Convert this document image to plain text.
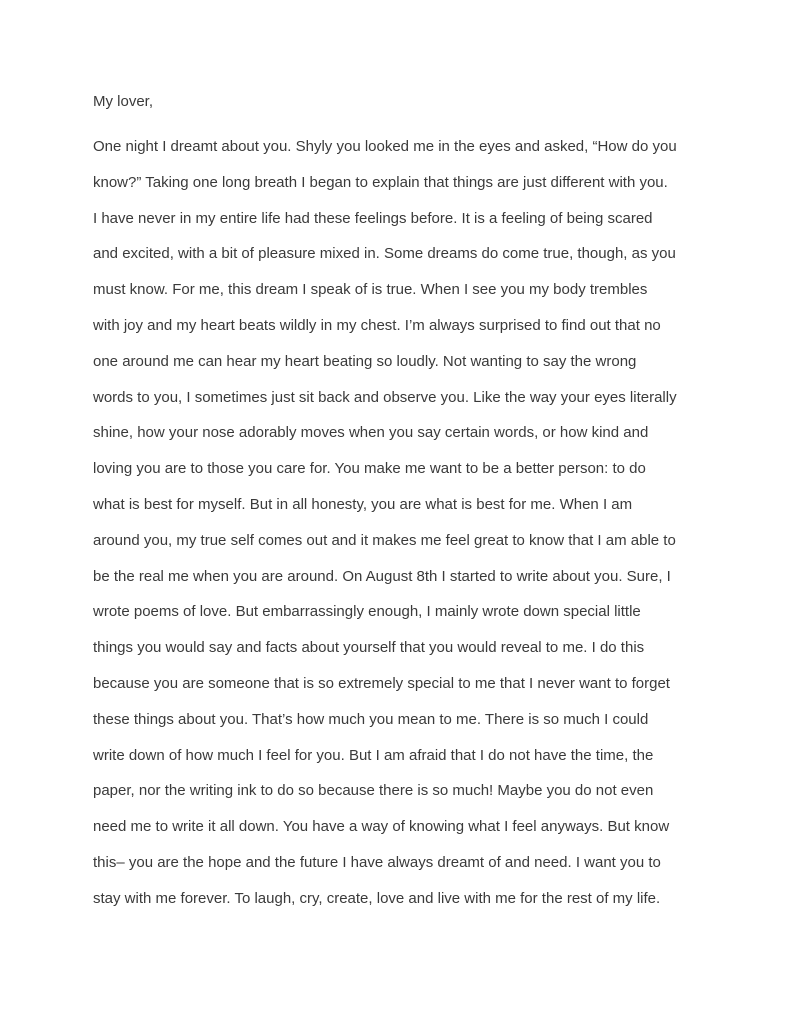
My lover,

One night I dreamt about you. Shyly you looked me in the eyes and asked, “How do you
know?” Taking one long breath I began to explain that things are just different with you.
I have never in my entire life had these feelings before. It is a feeling of being scared
and excited, with a bit of pleasure mixed in. Some dreams do come true, though, as you
must know. For me, this dream I speak of is true. When I see you my body trembles
with joy and my heart beats wildly in my chest. I’m always surprised to find out that no
one around me can hear my heart beating so loudly. Not wanting to say the wrong
words to you, I sometimes just sit back and observe you. Like the way your eyes literally
shine, how your nose adorably moves when you say certain words, or how kind and
loving you are to those you care for. You make me want to be a better person: to do
what is best for myself. But in all honesty, you are what is best for me. When I am
around you, my true self comes out and it makes me feel great to know that I am able to
be the real me when you are around. On August 8th I started to write about you. Sure, I
wrote poems of love. But embarrassingly enough, I mainly wrote down special little
things you would say and facts about yourself that you would reveal to me. I do this
because you are someone that is so extremely special to me that I never want to forget
these things about you. That’s how much you mean to me. There is so much I could
write down of how much I feel for you. But I am afraid that I do not have the time, the
paper, nor the writing ink to do so because there is so much! Maybe you do not even
need me to write it all down. You have a way of knowing what I feel anyways. But know
this– you are the hope and the future I have always dreamt of and need. I want you to
stay with me forever. To laugh, cry, create, love and live with me for the rest of my life.
